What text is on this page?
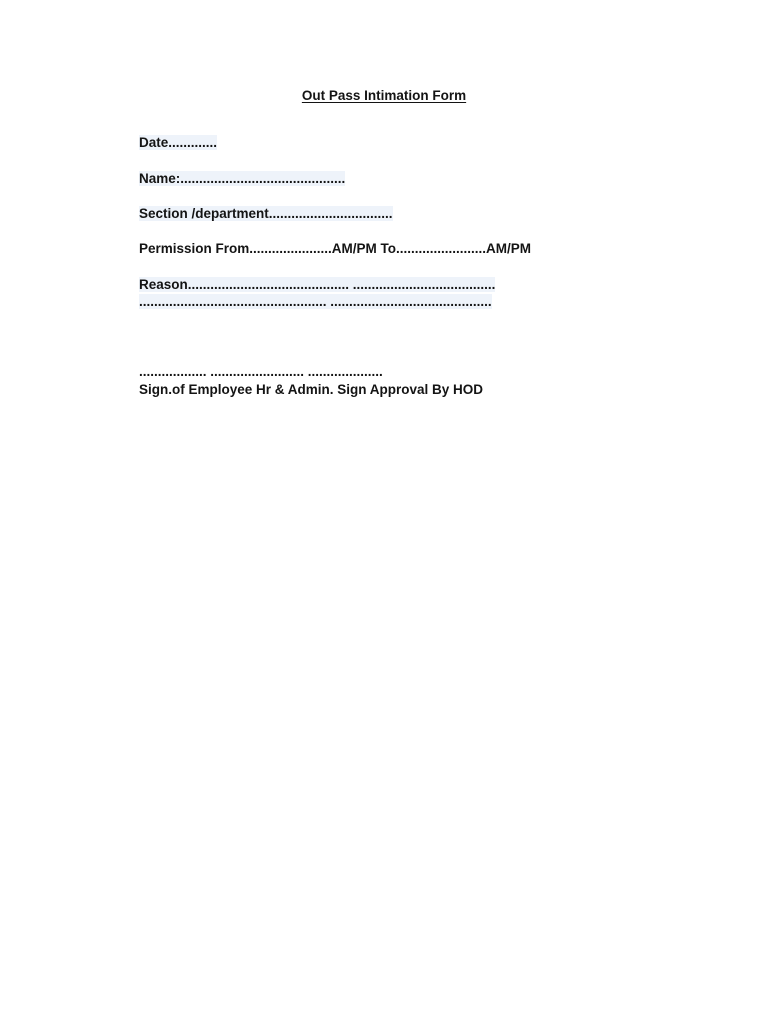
Out Pass Intimation Form
Date.............
Name:............................................
Section /department.................................
Permission From......................AM/PM To........................AM/PM
Reason........................................... ......................................
.................................................. ...........................................
.................. ......................... ....................
Sign.of Employee Hr & Admin. Sign Approval By HOD
